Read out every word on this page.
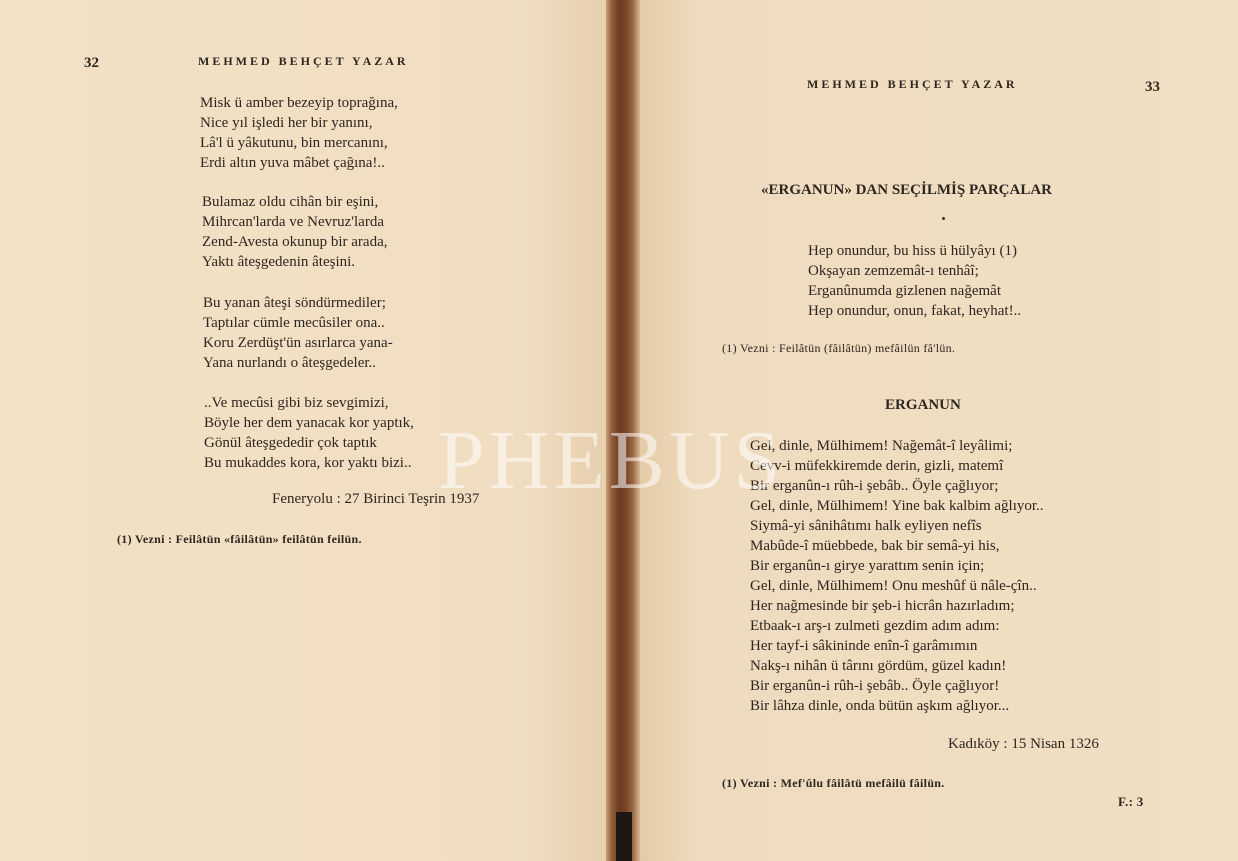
32	MEHMED BEHÇET YAZAR
Misk ü amber bezeyip toprağına,
Nice yıl işledi her bir yanını,
Lâ'l ü yâkutunu, bin mercanını,
Erdi altın yuva mâbet çağına!..
Bulamaz oldu cihân bir eşini,
Mihrcan'larda ve Nevruz'larda
Zend-Avesta okunup bir arada,
Yaktı âteşgedenin âteşini.
Bu yanan âteşi söndürmediler;
Taptılar cümle mecûsiler ona..
Koru Zerdüşt'ün asırlarca yana-
Yana nurlandı o âteşgedeler..
..Ve mecûsi gibi biz sevgimizi,
Böyle her dem yanacak kor yaptık,
Gönül âteşgededir çok taptık
Bu mukaddes kora, kor yaktı bizi..
Feneryolu : 27 Birinci Teşrin 1937
(1) Vezni : Feilâtün «fâilâtün» feilâtün feilün.
MEHMED BEHÇET YAZAR	33
«ERGANUN» DAN SEÇİLMİŞ PARÇALAR
Hep onundur, bu hiss ü hülyâyı (1)
Okşayan zemzemât-ı tenhâî;
Erganûnumda gizlenen nağemât
Hep onundur, onun, fakat, heyhat!..
(1) Vezni : Feilâtün (fâilâtün) mefâilün fâ'lün.
ERGANUN
Gel, dinle, Mülhimem! Nağemât-î leyâlimi;
Cevv-i müfekkiremde derin, gizli, matemî
Bir erganûn-ı rûh-i şebâb.. Öyle çağlıyor;
Gel, dinle, Mülhimem! Yine bak kalbim ağlıyor..
Siymâ-yi sânihâtımı halk eyliyen nefîs
Mabûde-î müebbede, bak bir semâ-yi his,
Bir erganûn-ı girye yarattım senin için;
Gel, dinle, Mülhimem! Onu meshûf ü nâle-çîn..
Her nağmesinde bir şeb-i hicrân hazırladım;
Etbaak-ı arş-ı zulmeti gezdim adım adım:
Her tayf-i sâkininde enîn-î garâmımın
Nakş-ı nihân ü târını gördüm, güzel kadın!
Bir erganûn-i rûh-i şebâb.. Öyle çağlıyor!
Bir lâhza dinle, onda bütün aşkım ağlıyor...
Kadıköy : 15 Nisan 1326
(1) Vezni : Mef'ûlu fâilâtü mefâilü fâilün.
F.: 3
PHEBUS
